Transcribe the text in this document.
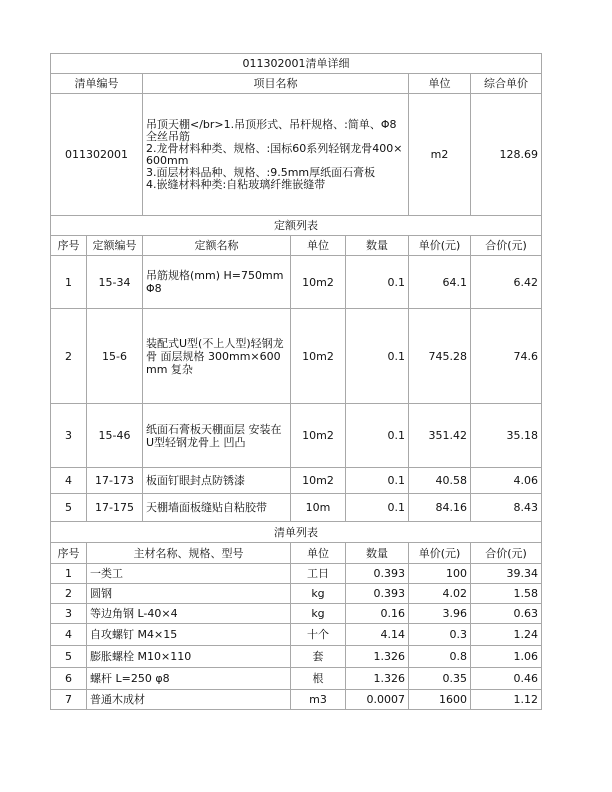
011302001清单详细						
清单编号		项目名称			单位	综合单价
011302001		吊顶天棚</br>1.吊顶形式、吊杆规格、:简单、Φ8全丝吊筋
2.龙骨材料种类、规格、:国标60系列轻钢龙骨400×600mm
3.面层材料品种、规格、:9.5mm厚纸面石膏板
4.嵌缝材料种类:自粘玻璃纤维嵌缝带			m2	128.69
定额列表						
序号	定额编号	定额名称	单位	数量	单价(元)	合价(元)
1	15-34	吊筋规格(mm) H=750mm Φ8	10m2	0.1	64.1	6.42
2	15-6	装配式U型(不上人型)轻钢龙骨 面层规格 300mm×600mm 复杂	10m2	0.1	745.28	74.6
3	15-46	纸面石膏板天棚面层 安装在U型轻钢龙骨上 凹凸	10m2	0.1	351.42	35.18
4	17-173	板面钉眼封点防锈漆	10m2	0.1	40.58	4.06
5	17-175	天棚墙面板缝贴自粘胶带	10m	0.1	84.16	8.43
清单列表						
序号	主材名称、规格、型号		单位	数量	单价(元)	合价(元)
1	一类工		工日	0.393	100	39.34
2	圆钢		kg	0.393	4.02	1.58
3	等边角钢 L-40×4		kg	0.16	3.96	0.63
4	自攻螺钉 M4×15		十个	4.14	0.3	1.24
5	膨胀螺栓 M10×110		套	1.326	0.8	1.06
6	螺杆 L=250 φ8		根	1.326	0.35	0.46
7	普通木成材		m3	0.0007	1600	1.12
